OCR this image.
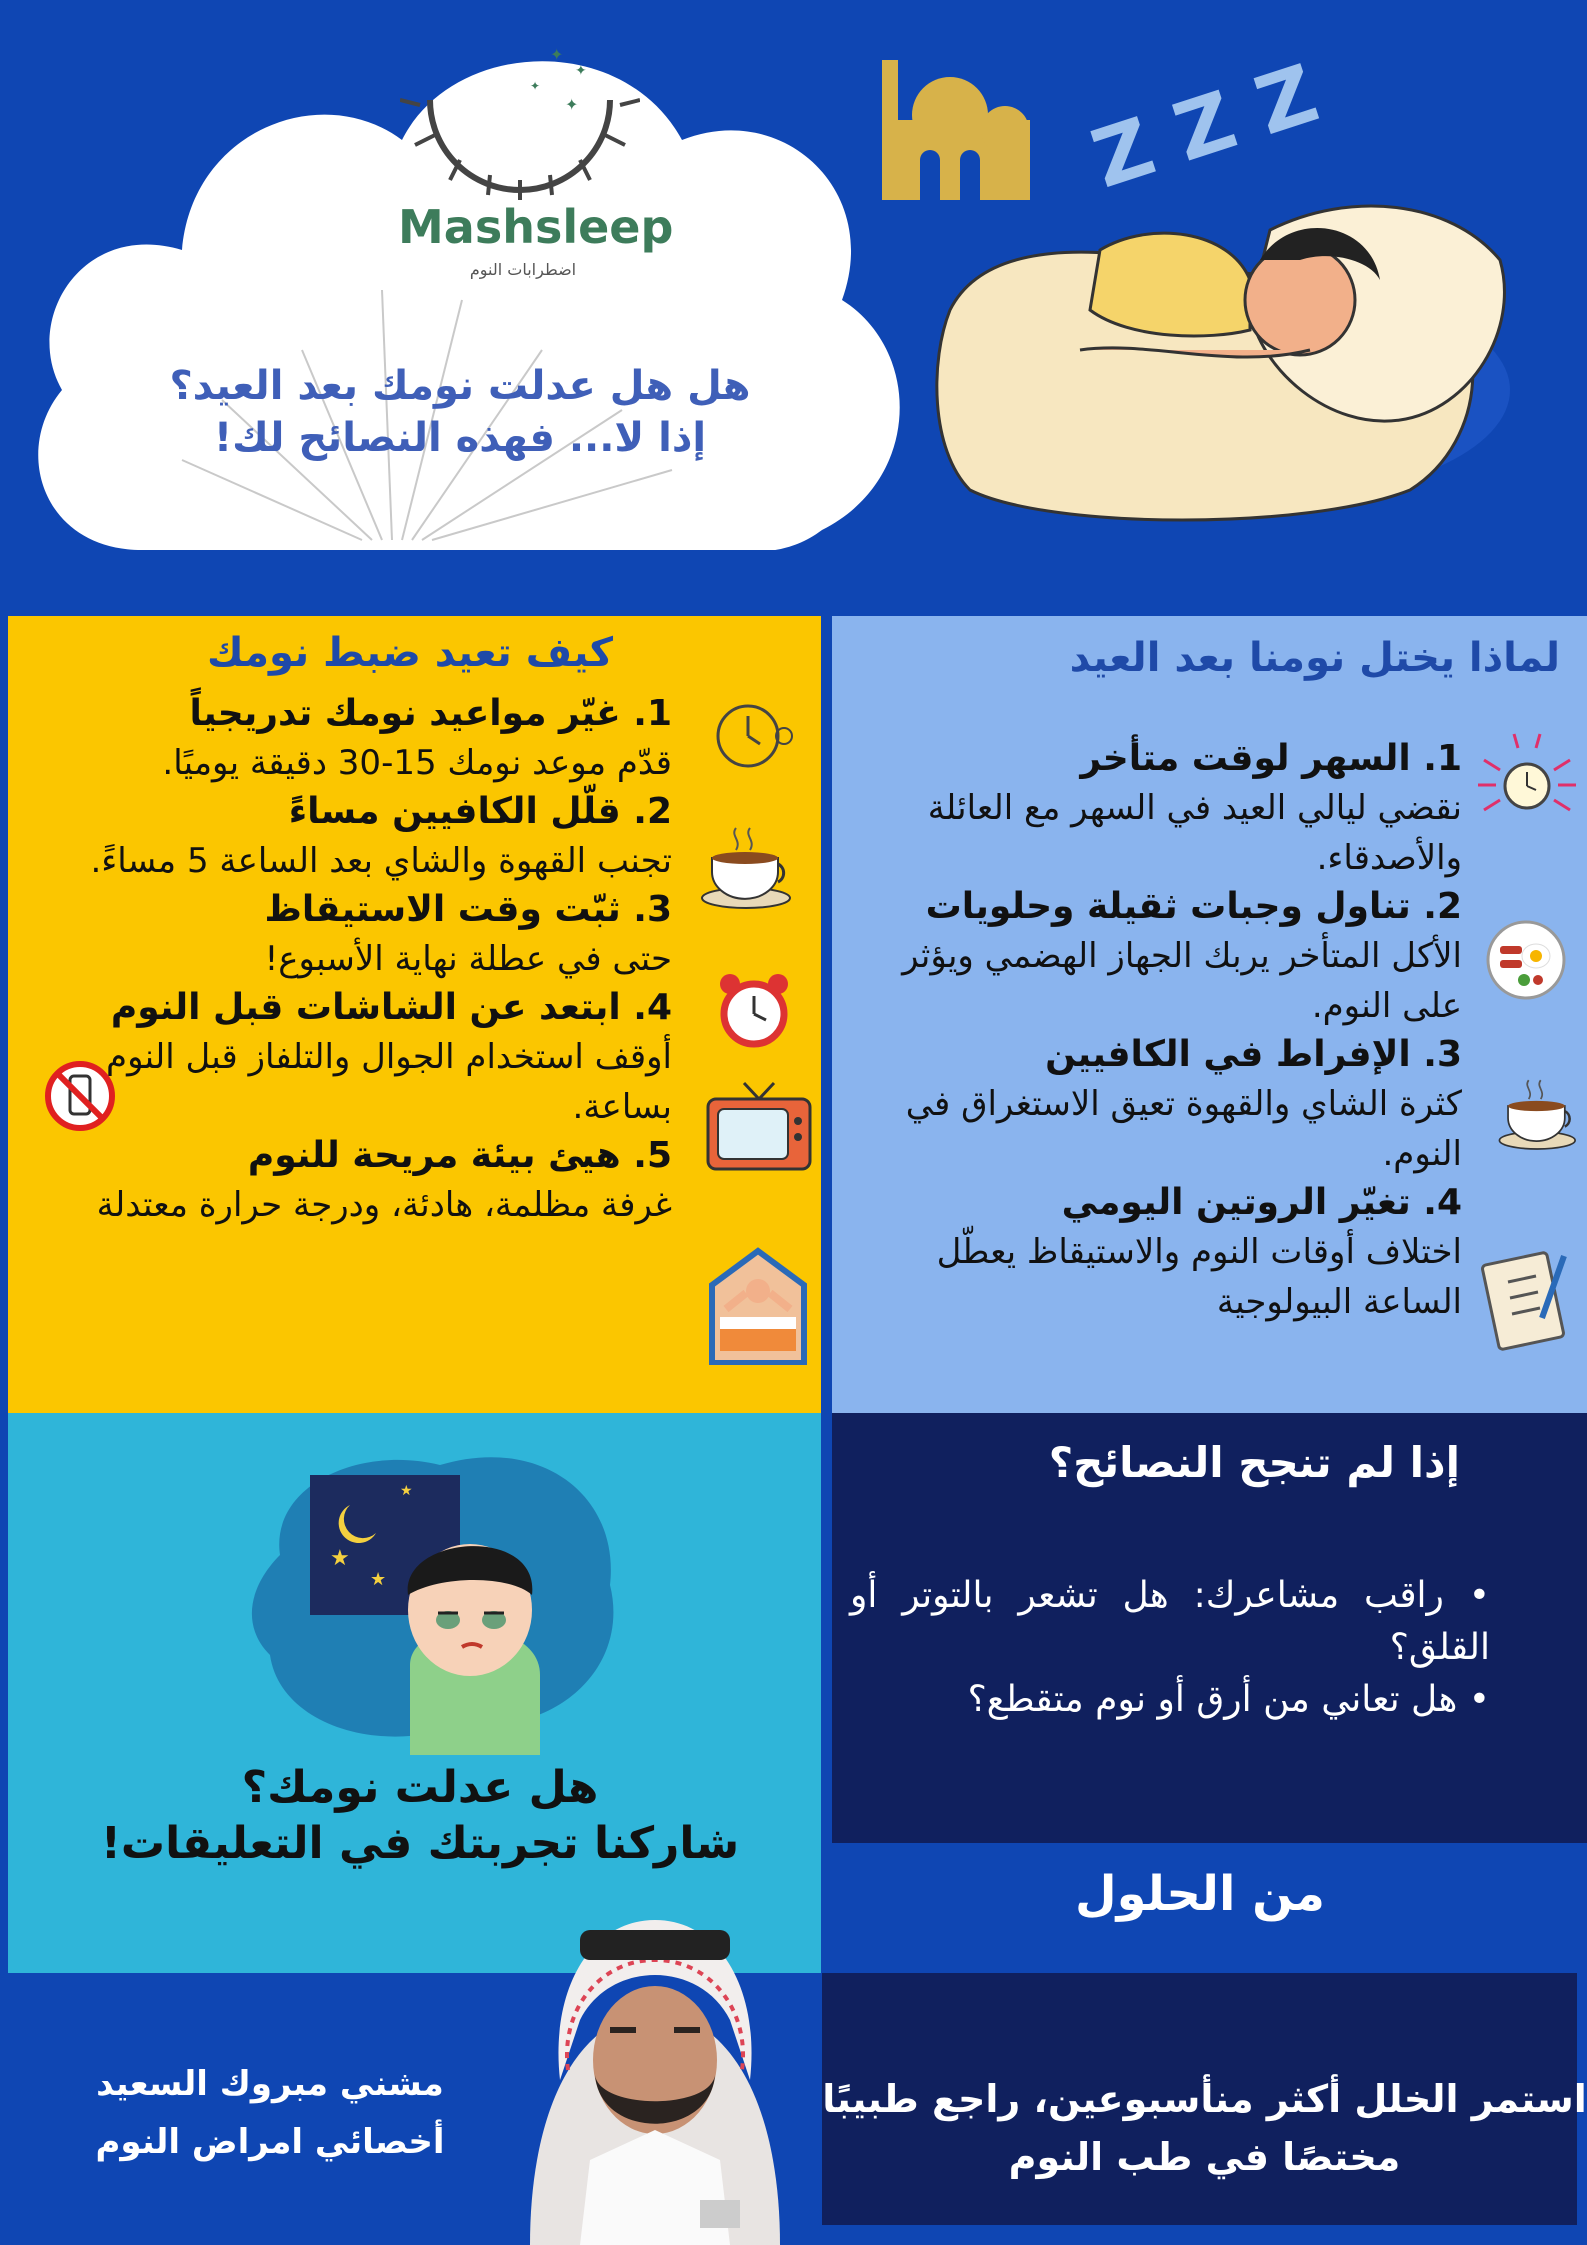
✦
✦
✦
✦
Mashsleep
اضطرابات النوم
هل هل عدلت نومك بعد العيد؟
إذا لا... فهذه النصائح لك!
Z Z Z
كيف تعيد ضبط نومك
1. غيّر مواعيد نومك تدريجياً
قدّم موعد نومك 15-30 دقيقة يوميًا.
2. قلّل الكافيين مساءً
تجنب القهوة والشاي بعد الساعة 5 مساءً.
3. ثبّت وقت الاستيقاظ
حتى في عطلة نهاية الأسبوع!
4. ابتعد عن الشاشات قبل النوم
أوقف استخدام الجوال والتلفاز قبل النوم بساعة.
5. هيئ بيئة مريحة للنوم
غرفة مظلمة، هادئة، ودرجة حرارة معتدلة
لماذا يختل نومنا بعد العيد
1. السهر لوقت متأخر
نقضي ليالي العيد في السهر مع العائلة والأصدقاء.
2. تناول وجبات ثقيلة وحلويات
الأكل المتأخر يربك الجهاز الهضمي ويؤثر على النوم.
3. الإفراط في الكافيين
كثرة الشاي والقهوة تعيق الاستغراق في النوم.
4. تغيّر الروتين اليومي
اختلاف أوقات النوم والاستيقاظ يعطّل الساعة البيولوجية
★
★
★
هل عدلت نومك؟
شاركنا تجربتك في التعليقات!
إذا لم تنجح النصائح؟
• راقب مشاعرك: هل تشعر بالتوتر أو القلق؟
• هل تعاني من أرق أو نوم متقطع؟
من الحلول
استمر الخلل أكثر منأسبوعين، راجع طبيبًا مختصًا في طب النوم
مشني مبروك السعيد
أخصائي امراض النوم
